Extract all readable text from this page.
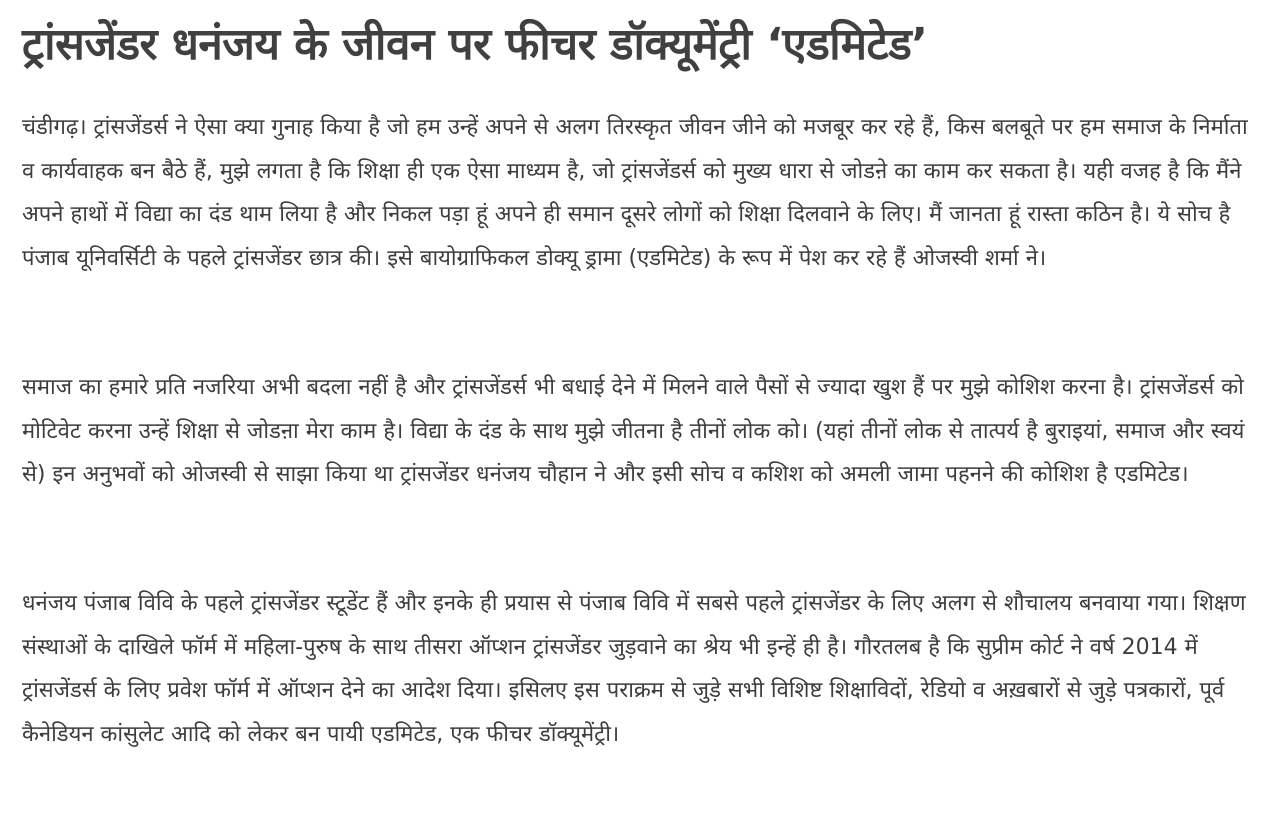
ट्रांसजेंडर धनंजय के जीवन पर फीचर डॉक्यूमेंट्री ‘एडमिटेड’

चंडीगढ़। ट्रांसजेंडर्स ने ऐसा क्या गुनाह किया है जो हम उन्हें अपने से अलग तिरस्कृत जीवन जीने को मजबूर कर रहे हैं, किस बलबूते पर हम समाज के निर्माता व कार्यवाहक बन बैठे हैं, मुझे लगता है कि शिक्षा ही एक ऐसा माध्यम है, जो ट्रांसजेंडर्स को मुख्य धारा से जोडऩे का काम कर सकता है। यही वजह है कि मैंने अपने हाथों में विद्या का दंड थाम लिया है और निकल पड़ा हूं अपने ही समान दूसरे लोगों को शिक्षा दिलवाने के लिए। मैं जानता हूं रास्ता कठिन है। ये सोच है पंजाब यूनिवर्सिटी के पहले ट्रांसजेंडर छात्र की। इसे बायोग्राफिकल डोक्यू ड्रामा (एडमिटेड) के रूप में पेश कर रहे हैं ओजस्वी शर्मा ने।

समाज का हमारे प्रति नजरिया अभी बदला नहीं है और ट्रांसजेंडर्स भी बधाई देने में मिलने वाले पैसों से ज्यादा खुश हैं पर मुझे कोशिश करना है। ट्रांसजेंडर्स को मोटिवेट करना उन्हें शिक्षा से जोडऩा मेरा काम है। विद्या के दंड के साथ मुझे जीतना है तीनों लोक को। (यहां तीनों लोक से तात्पर्य है बुराइयां, समाज और स्वयं से) इन अनुभवों को ओजस्वी से साझा किया था ट्रांसजेंडर धनंजय चौहान ने और इसी सोच व कशिश को अमली जामा पहनने की कोशिश है एडमिटेड।

धनंजय पंजाब विवि के पहले ट्रांसजेंडर स्टूडेंट हैं और इनके ही प्रयास से पंजाब विवि में सबसे पहले ट्रांसजेंडर के लिए अलग से शौचालय बनवाया गया। शिक्षण संस्थाओं के दाखिले फॉर्म में महिला-पुरुष के साथ तीसरा ऑप्शन ट्रांसजेंडर जुड़वाने का श्रेय भी इन्हें ही है। गौरतलब है कि सुप्रीम कोर्ट ने वर्ष 2014 में ट्रांसजेंडर्स के लिए प्रवेश फॉर्म में ऑप्शन देने का आदेश दिया। इसिलए इस पराक्रम से जुड़े सभी विशिष्ट शिक्षाविदों, रेडियो व अख़बारों से जुड़े पत्रकारों, पूर्व कैनेडियन कांसुलेट आदि को लेकर बन पायी एडमिटेड, एक फीचर डॉक्यूमेंट्री।
